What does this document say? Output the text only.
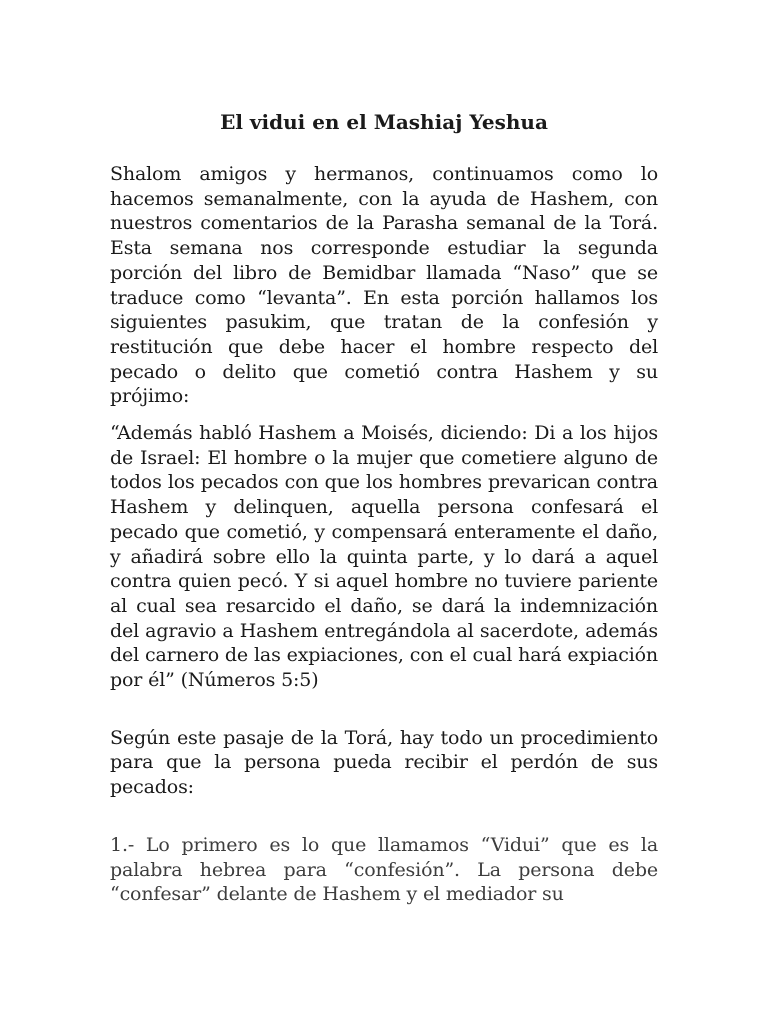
El vidui en el Mashiaj Yeshua

Shalom amigos y hermanos, continuamos como lo hacemos semanalmente, con la ayuda de Hashem, con nuestros comentarios de la Parasha semanal de la Torá. Esta semana nos corresponde estudiar la segunda porción del libro de Bemidbar llamada “Naso” que se traduce como “levanta”. En esta porción hallamos los siguientes pasukim, que tratan de la confesión y restitución que debe hacer el hombre respecto del pecado o delito que cometió contra Hashem y su prójimo:

“Además habló Hashem a Moisés, diciendo: Di a los hijos de Israel: El hombre o la mujer que cometiere alguno de todos los pecados con que los hombres prevarican contra Hashem y delinquen, aquella persona confesará el pecado que cometió, y compensará enteramente el daño, y añadirá sobre ello la quinta parte, y lo dará a aquel contra quien pecó. Y si aquel hombre no tuviere pariente al cual sea resarcido el daño, se dará la indemnización del agravio a Hashem entregándola al sacerdote, además del carnero de las expiaciones, con el cual hará expiación por él” (Números 5:5)

Según este pasaje de la Torá, hay todo un procedimiento para que la persona pueda recibir el perdón de sus pecados:

1.- Lo primero es lo que llamamos “Vidui” que es la palabra hebrea para “confesión”. La persona debe “confesar” delante de Hashem y el mediador su
